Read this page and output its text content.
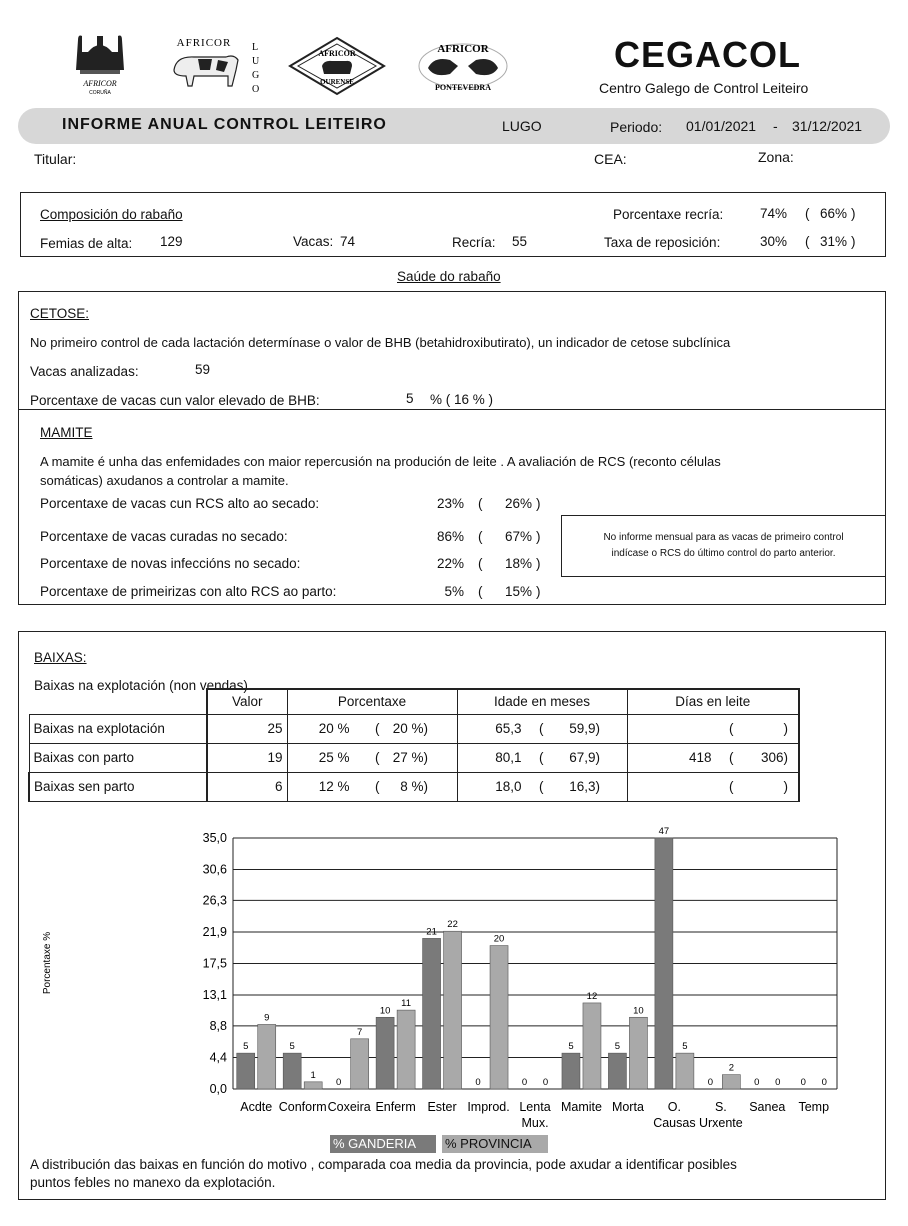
AFRICOR
CORUÑA
AFRICOR L
U
G
O
AFRICOR
OURENSE
AFRICOR
PONTEVEDRA
CEGACOL
Centro Galego de Control Leiteiro
INFORME ANUAL CONTROL LEITEIRO	LUGO	Periodo: 01/01/2021 - 31/12/2021
Titular:	CEA:	Zona:
Composición do rabaño
Femias de alta: 129	Vacas: 74	Recría: 55
Porcentaxe recría:	74% ( 66% )
Taxa de reposición:	30% ( 31% )
Saúde do rabaño
CETOSE:
No primeiro control de cada lactación determínase o valor de BHB (betahidroxibutirato), un indicador de cetose subclínica
Vacas analizadas:	59
Porcentaxe de vacas cun valor elevado de BHB:	5 % ( 16 % )
MAMITE
A mamite é unha das enfemidades con maior repercusión na produción de leite . A avaliación de RCS (reconto células
somáticas) axudanos a controlar a mamite.
Porcentaxe de vacas cun RCS alto ao secado:	23% (	26% )
Porcentaxe de vacas curadas no secado:	86% (	67% )
Porcentaxe de novas infeccións no secado:	22% (	18% )
Porcentaxe de primeirizas con alto RCS ao parto:	5% (	15% )
No informe mensual para as vacas de primeiro control
indícase o RCS do último control do parto anterior.
BAIXAS:
Baixas na explotación (non vendas)
	Valor	Porcentaxe	Idade en meses	Días en leite
Baixas na explotación	25	20 % ( 20 %)	65,3 ( 59,9)	( )
Baixas con parto	19	25 % ( 27 %)	80,1 ( 67,9)	418 ( 306)
Baixas sen parto	6	12 % ( 8 %)	18,0 ( 16,3)	( )
0,0
4,4
8,8
13,1
17,5
21,9
26,3
30,6
35,0
Porcentaxe %
5
9
Acdte
5
1
Conform
0
7
Coxeira
10
11
Enferm
21
22
Ester
0
20
Improd.
0 0
Lenta
Mux.
5
12
Mamite
5
10
Morta
47
5
O.
Causas
0
2
S.
Urxente
0 0
Sanea
0 0
Temp
% GANDERIA	% PROVINCIA
A distribución das baixas en función do motivo , comparada coa media da provincia, pode axudar a identificar posibles
puntos febles no manexo da explotación.
